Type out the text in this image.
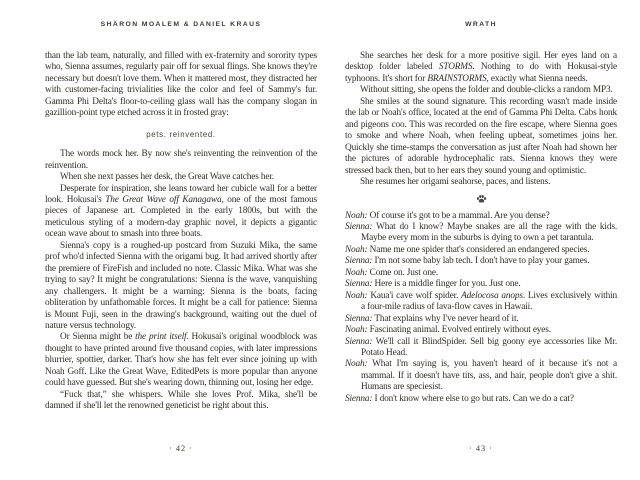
SHÄRON MOALEM & DANIEL KRAUS

than the lab team, naturally, and filled with ex-fraternity and sorority types who, Sienna assumes, regularly pair off for sexual flings. She knows they're necessary but doesn't love them. When it mattered most, they distracted her with customer-facing trivialities like the color and feel of Sammy's fur. Gamma Phi Delta's floor-to-ceiling glass wall has the company slogan in gazillion-point type etched across it in frosted gray:

pets. reinvented.

The words mock her. By now she's reinventing the reinvention of the reinvention.

When she next passes her desk, the Great Wave catches her.

Desperate for inspiration, she leans toward her cubicle wall for a better look. Hokusai's The Great Wave off Kanagawa, one of the most famous pieces of Japanese art. Completed in the early 1800s, but with the meticulous styling of a modern-day graphic novel, it depicts a gigantic ocean wave about to smash into three boats.

Sienna's copy is a roughed-up postcard from Suzuki Mika, the same prof who'd infected Sienna with the origami bug. It had arrived shortly after the premiere of FireFish and included no note. Classic Mika. What was she trying to say? It might be congratulations: Sienna is the wave, vanquishing any challengers. It might be a warning: Sienna is the boats, facing obliteration by unfathomable forces. It might be a call for patience: Sienna is Mount Fuji, seen in the drawing's background, waiting out the duel of nature versus technology.

Or Sienna might be the print itself. Hokusai's original woodblock was thought to have printed around five thousand copies, with later impressions blurrier, spottier, darker. That's how she has felt ever since joining up with Noah Goff. Like the Great Wave, EditedPets is more popular than anyone could have guessed. But she's wearing down, thinning out, losing her edge.

“Fuck that,” she whispers. While she loves Prof. Mika, she'll be damned if she'll let the renowned geneticist be right about this.

· 42 ·
WRATH

She searches her desk for a more positive sigil. Her eyes land on a desktop folder labeled STORMS. Nothing to do with Hokusai-style typhoons. It's short for BRAINSTORMS, exactly what Sienna needs.

Without sitting, she opens the folder and double-clicks a random MP3.

She smiles at the sound signature. This recording wasn't made inside the lab or Noah's office, located at the end of Gamma Phi Delta. Cabs honk and pigeons coo. This was recorded on the fire escape, where Sienna goes to smoke and where Noah, when feeling upbeat, sometimes joins her. Quickly she time-stamps the conversation as just after Noah had shown her the pictures of adorable hydrocephalic rats. Sienna knows they were stressed back then, but to her ears they sound young and optimistic.

She resumes her origami seahorse, paces, and listens.

Noah: Of course it's got to be a mammal. Are you dense?

Sienna: What do I know? Maybe snakes are all the rage with the kids. Maybe every mom in the suburbs is dying to own a pet tarantula.

Noah: Name me one spider that's considered an endangered species.

Sienna: I'm not some baby lab tech. I don't have to play your games.

Noah: Come on. Just one.

Sienna: Here is a middle finger for you. Just one.

Noah: Kaua'i cave wolf spider. Adelocosa anops. Lives exclusively within a four-mile radius of lava-flow caves in Hawaii.

Sienna: That explains why I've never heard of it.

Noah: Fascinating animal. Evolved entirely without eyes.

Sienna: We'll call it BlindSpider. Sell big goony eye accessories like Mr. Potato Head.

Noah: What I'm saying is, you haven't heard of it because it's not a mammal. If it doesn't have tits, ass, and hair, people don't give a shit. Humans are speciesist.

Sienna: I don't know where else to go but rats. Can we do a cat?

· 43 ·
